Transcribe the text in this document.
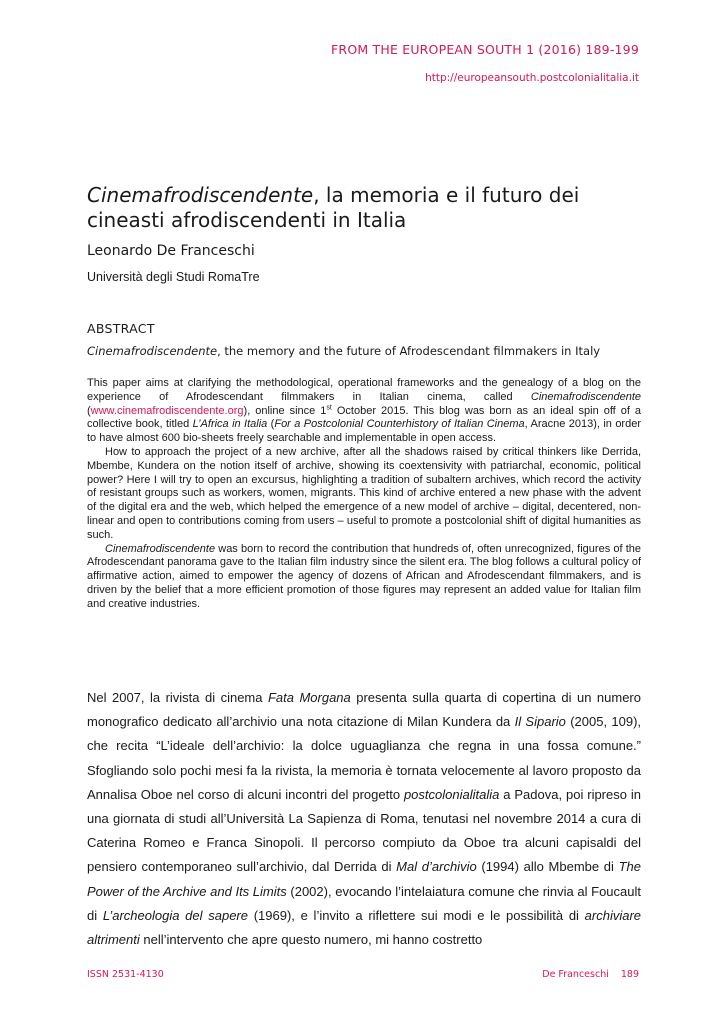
FROM THE EUROPEAN SOUTH 1 (2016) 189-199
http://europeansouth.postcolonialitalia.it
Cinemafrodiscendente, la memoria e il futuro dei cineasti afrodiscendenti in Italia
Leonardo De Franceschi
Università degli Studi RomaTre
ABSTRACT
Cinemafrodiscendente, the memory and the future of Afrodescendant filmmakers in Italy

This paper aims at clarifying the methodological, operational frameworks and the genealogy of a blog on the experience of Afrodescendant filmmakers in Italian cinema, called Cinemafrodiscendente (www.cinemafrodiscendente.org), online since 1st October 2015. This blog was born as an ideal spin off of a collective book, titled L’Africa in Italia (For a Postcolonial Counterhistory of Italian Cinema, Aracne 2013), in order to have almost 600 bio-sheets freely searchable and implementable in open access.

How to approach the project of a new archive, after all the shadows raised by critical thinkers like Derrida, Mbembe, Kundera on the notion itself of archive, showing its coextensivity with patriarchal, economic, political power? Here I will try to open an excursus, highlighting a tradition of subaltern archives, which record the activity of resistant groups such as workers, women, migrants. This kind of archive entered a new phase with the advent of the digital era and the web, which helped the emergence of a new model of archive – digital, decentered, non-linear and open to contributions coming from users – useful to promote a postcolonial shift of digital humanities as such.

Cinemafrodiscendente was born to record the contribution that hundreds of, often unrecognized, figures of the Afrodescendant panorama gave to the Italian film industry since the silent era. The blog follows a cultural policy of affirmative action, aimed to empower the agency of dozens of African and Afrodescendant filmmakers, and is driven by the belief that a more efficient promotion of those figures may represent an added value for Italian film and creative industries.

Nel 2007, la rivista di cinema Fata Morgana presenta sulla quarta di copertina di un numero monografico dedicato all’archivio una nota citazione di Milan Kundera da Il Sipario (2005, 109), che recita “L’ideale dell’archivio: la dolce uguaglianza che regna in una fossa comune.” Sfogliando solo pochi mesi fa la rivista, la memoria è tornata velocemente al lavoro proposto da Annalisa Oboe nel corso di alcuni incontri del progetto postcolonialitalia a Padova, poi ripreso in una giornata di studi all’Università La Sapienza di Roma, tenutasi nel novembre 2014 a cura di Caterina Romeo e Franca Sinopoli. Il percorso compiuto da Oboe tra alcuni capisaldi del pensiero contemporaneo sull’archivio, dal Derrida di Mal d’archivio (1994) allo Mbembe di The Power of the Archive and Its Limits (2002), evocando l’intelaiatura comune che rinvia al Foucault di L’archeologia del sapere (1969), e l’invito a riflettere sui modi e le possibilità di archiviare altrimenti nell’intervento che apre questo numero, mi hanno costretto

ISSN 2531-4130	De Franceschi 189
